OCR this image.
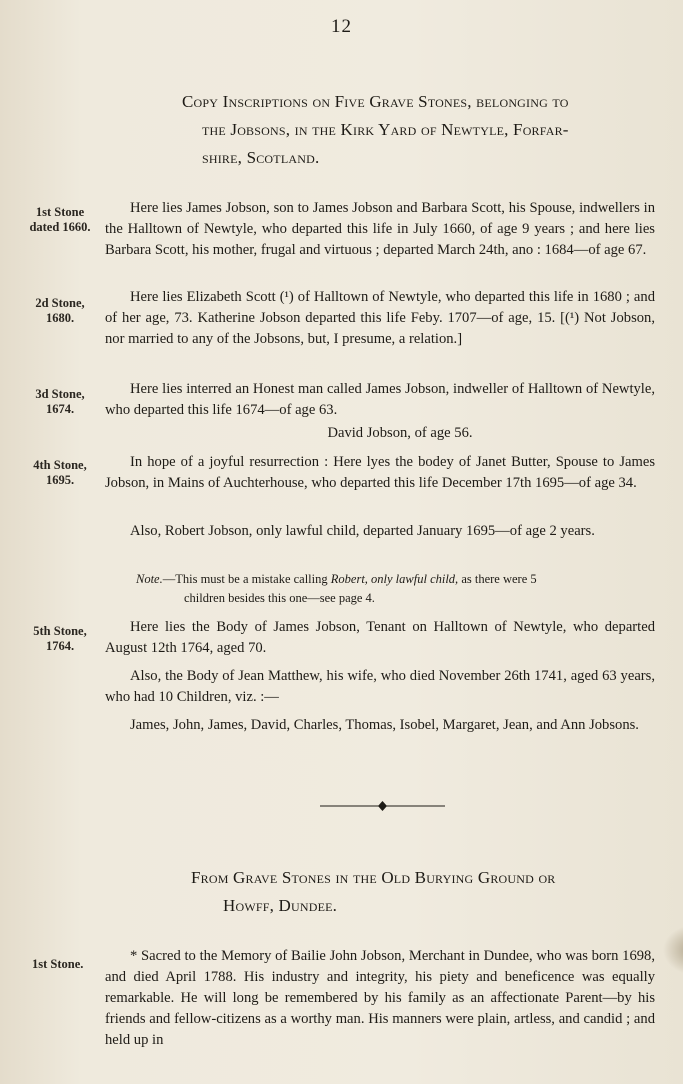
12
Copy Inscriptions on Five Grave Stones, belonging to
the Jobsons, in the Kirk Yard of Newtyle, Forfar-
shire, Scotland.
1st Stone
dated 1660.
Here lies James Jobson, son to James Jobson and Barbara Scott, his Spouse, indwellers in the Halltown of Newtyle, who departed this life in July 1660, of age 9 years ; and here lies Barbara Scott, his mother, frugal and virtuous ; departed March 24th, ano : 1684—of age 67.
2d Stone,
1680.
Here lies Elizabeth Scott (¹) of Halltown of Newtyle, who departed this life in 1680 ; and of her age, 73. Katherine Jobson departed this life Feby. 1707—of age, 15. [(¹) Not Jobson, nor married to any of the Jobsons, but, I presume, a relation.]
3d Stone,
1674.
Here lies interred an Honest man called James Jobson, indweller of Halltown of Newtyle, who departed this life 1674—of age 63.
David Jobson, of age 56.
4th Stone,
1695.
In hope of a joyful resurrection : Here lyes the bodey of Janet Butter, Spouse to James Jobson, in Mains of Auchterhouse, who departed this life December 17th 1695—of age 34.
Also, Robert Jobson, only lawful child, departed January 1695—of age 2 years.
Note.—This must be a mistake calling Robert, only lawful child, as there were 5
children besides this one—see page 4.
5th Stone,
1764.
Here lies the Body of James Jobson, Tenant on Halltown of Newtyle, who departed August 12th 1764, aged 70.
Also, the Body of Jean Matthew, his wife, who died November 26th 1741, aged 63 years, who had 10 Children, viz. :—
James, John, James, David, Charles, Thomas, Isobel, Margaret, Jean, and Ann Jobsons.
From Grave Stones in the Old Burying Ground or
Howff, Dundee.
1st Stone.	* Sacred to the Memory of Bailie John Jobson, Merchant in Dundee, who was born 1698, and died April 1788. His industry and integrity, his piety and beneficence was equally remarkable. He will long be remembered by his family as an affectionate Parent—by his friends and fellow-citizens as a worthy man. His manners were plain, artless, and candid ; and held up in
